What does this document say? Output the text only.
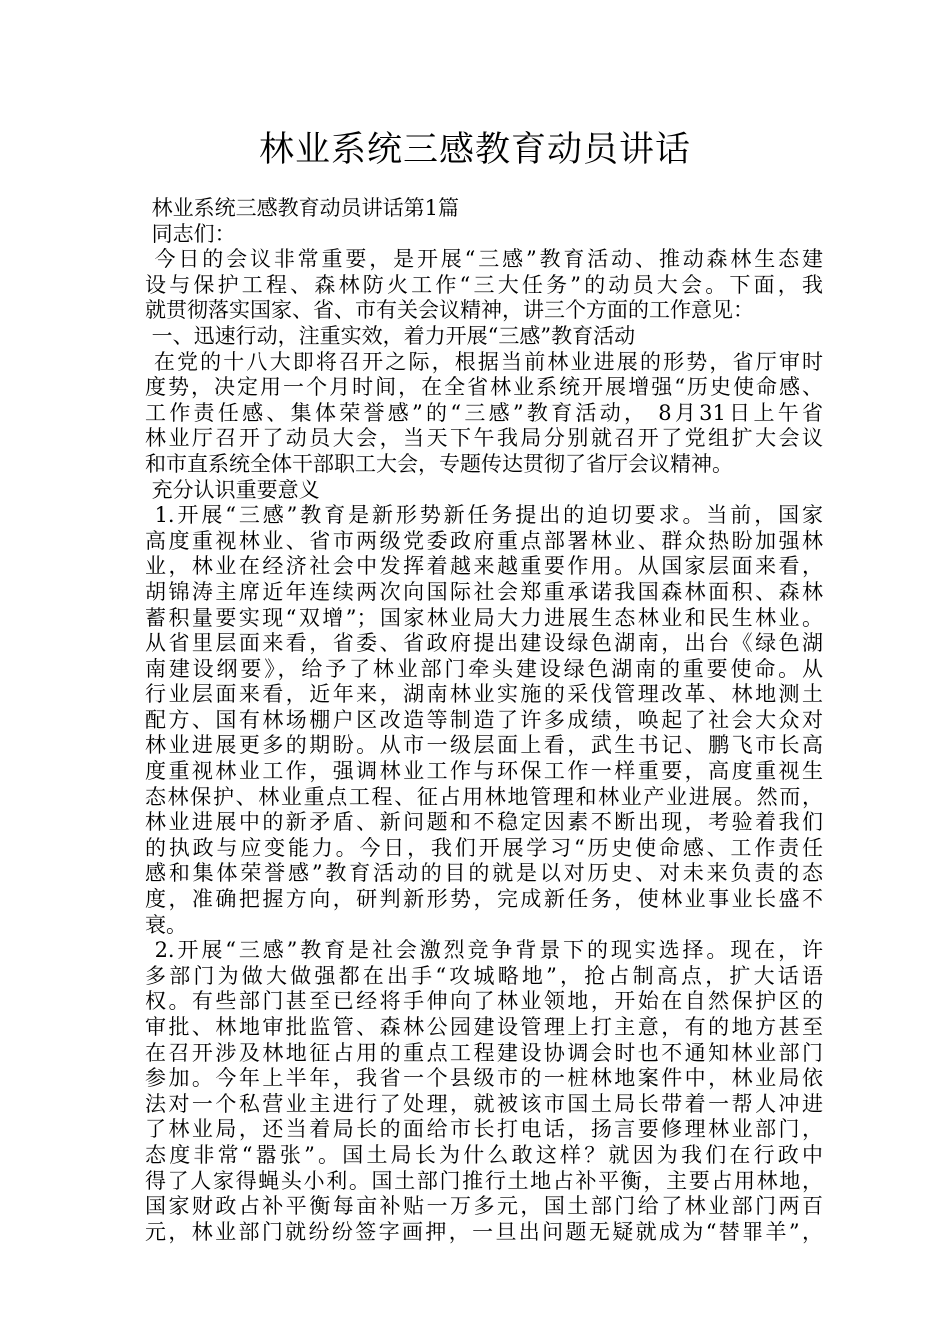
林业系统三感教育动员讲话
林业系统三感教育动员讲话第1篇
同志们：
今日的会议非常重要，是开展“三感”教育活动、推动森林生态建
设与保护工程、森林防火工作“三大任务”的动员大会。下面，我
就贯彻落实国家、省、市有关会议精神，讲三个方面的工作意见：
一、迅速行动，注重实效，着力开展“三感”教育活动
在党的十八大即将召开之际，根据当前林业进展的形势，省厅审时
度势，决定用一个月时间，在全省林业系统开展增强“历史使命感、
工作责任感、集体荣誉感”的“三感”教育活动， 8月31日上午省
林业厅召开了动员大会，当天下午我局分别就召开了党组扩大会议
和市直系统全体干部职工大会，专题传达贯彻了省厅会议精神。
充分认识重要意义
1.开展“三感”教育是新形势新任务提出的迫切要求。当前，国家
高度重视林业、省市两级党委政府重点部署林业、群众热盼加强林
业，林业在经济社会中发挥着越来越重要作用。从国家层面来看，
胡锦涛主席近年连续两次向国际社会郑重承诺我国森林面积、森林
蓄积量要实现“双增”；国家林业局大力进展生态林业和民生林业。
从省里层面来看，省委、省政府提出建设绿色湖南，出台《绿色湖
南建设纲要》，给予了林业部门牵头建设绿色湖南的重要使命。从
行业层面来看，近年来，湖南林业实施的采伐管理改革、林地测土
配方、国有林场棚户区改造等制造了许多成绩，唤起了社会大众对
林业进展更多的期盼。从市一级层面上看，武生书记、鹏飞市长高
度重视林业工作，强调林业工作与环保工作一样重要，高度重视生
态林保护、林业重点工程、征占用林地管理和林业产业进展。然而，
林业进展中的新矛盾、新问题和不稳定因素不断出现，考验着我们
的执政与应变能力。今日，我们开展学习“历史使命感、工作责任
感和集体荣誉感”教育活动的目的就是以对历史、对未来负责的态
度，准确把握方向，研判新形势，完成新任务，使林业事业长盛不
衰。
2.开展“三感”教育是社会激烈竞争背景下的现实选择。现在，许
多部门为做大做强都在出手“攻城略地”，抢占制高点，扩大话语
权。有些部门甚至已经将手伸向了林业领地，开始在自然保护区的
审批、林地审批监管、森林公园建设管理上打主意，有的地方甚至
在召开涉及林地征占用的重点工程建设协调会时也不通知林业部门
参加。今年上半年，我省一个县级市的一桩林地案件中，林业局依
法对一个私营业主进行了处理，就被该市国土局长带着一帮人冲进
了林业局，还当着局长的面给市长打电话，扬言要修理林业部门，
态度非常“嚣张”。国土局长为什么敢这样？就因为我们在行政中
得了人家得蝇头小利。国土部门推行土地占补平衡，主要占用林地，
国家财政占补平衡每亩补贴一万多元，国土部门给了林业部门两百
元，林业部门就纷纷签字画押，一旦出问题无疑就成为“替罪羊”，
